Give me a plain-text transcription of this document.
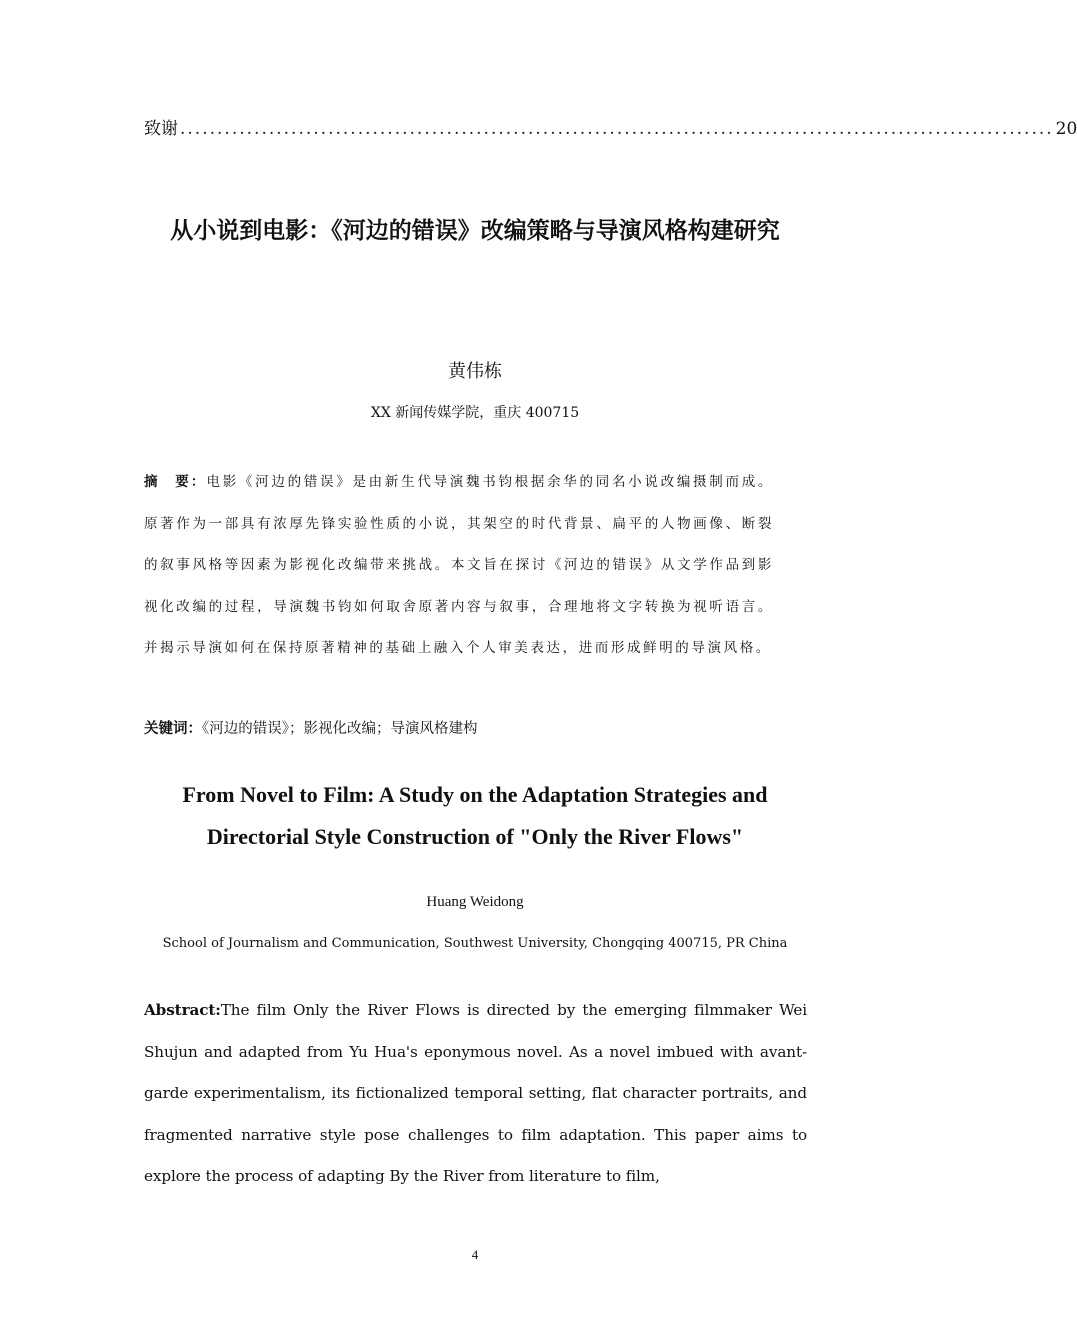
致谢 ...................................................................................................................... 20
从小说到电影：《河边的错误》改编策略与导演风格构建研究
黄伟栋
XX 新闻传媒学院，重庆 400715

摘　要：电影《河边的错误》是由新生代导演魏书钧根据余华的同名小说改编摄制而成。原著作为一部具有浓厚先锋实验性质的小说，其架空的时代背景、扁平的人物画像、断裂的叙事风格等因素为影视化改编带来挑战。本文旨在探讨《河边的错误》从文学作品到影视化改编的过程，导演魏书钧如何取舍原著内容与叙事，合理地将文字转换为视听语言。并揭示导演如何在保持原著精神的基础上融入个人审美表达，进而形成鲜明的导演风格。

关键词：《河边的错误》；影视化改编；导演风格建构
From Novel to Film: A Study on the Adaptation Strategies and Directorial Style Construction of "Only the River Flows"
Huang Weidong
School of Journalism and Communication, Southwest University, Chongqing 400715, PR China

Abstract:The film Only the River Flows is directed by the emerging filmmaker Wei Shujun and adapted from Yu Hua's eponymous novel. As a novel imbued with avant-garde experimentalism, its fictionalized temporal setting, flat character portraits, and fragmented narrative style pose challenges to film adaptation. This paper aims to explore the process of adapting By the River from literature to film,

4
